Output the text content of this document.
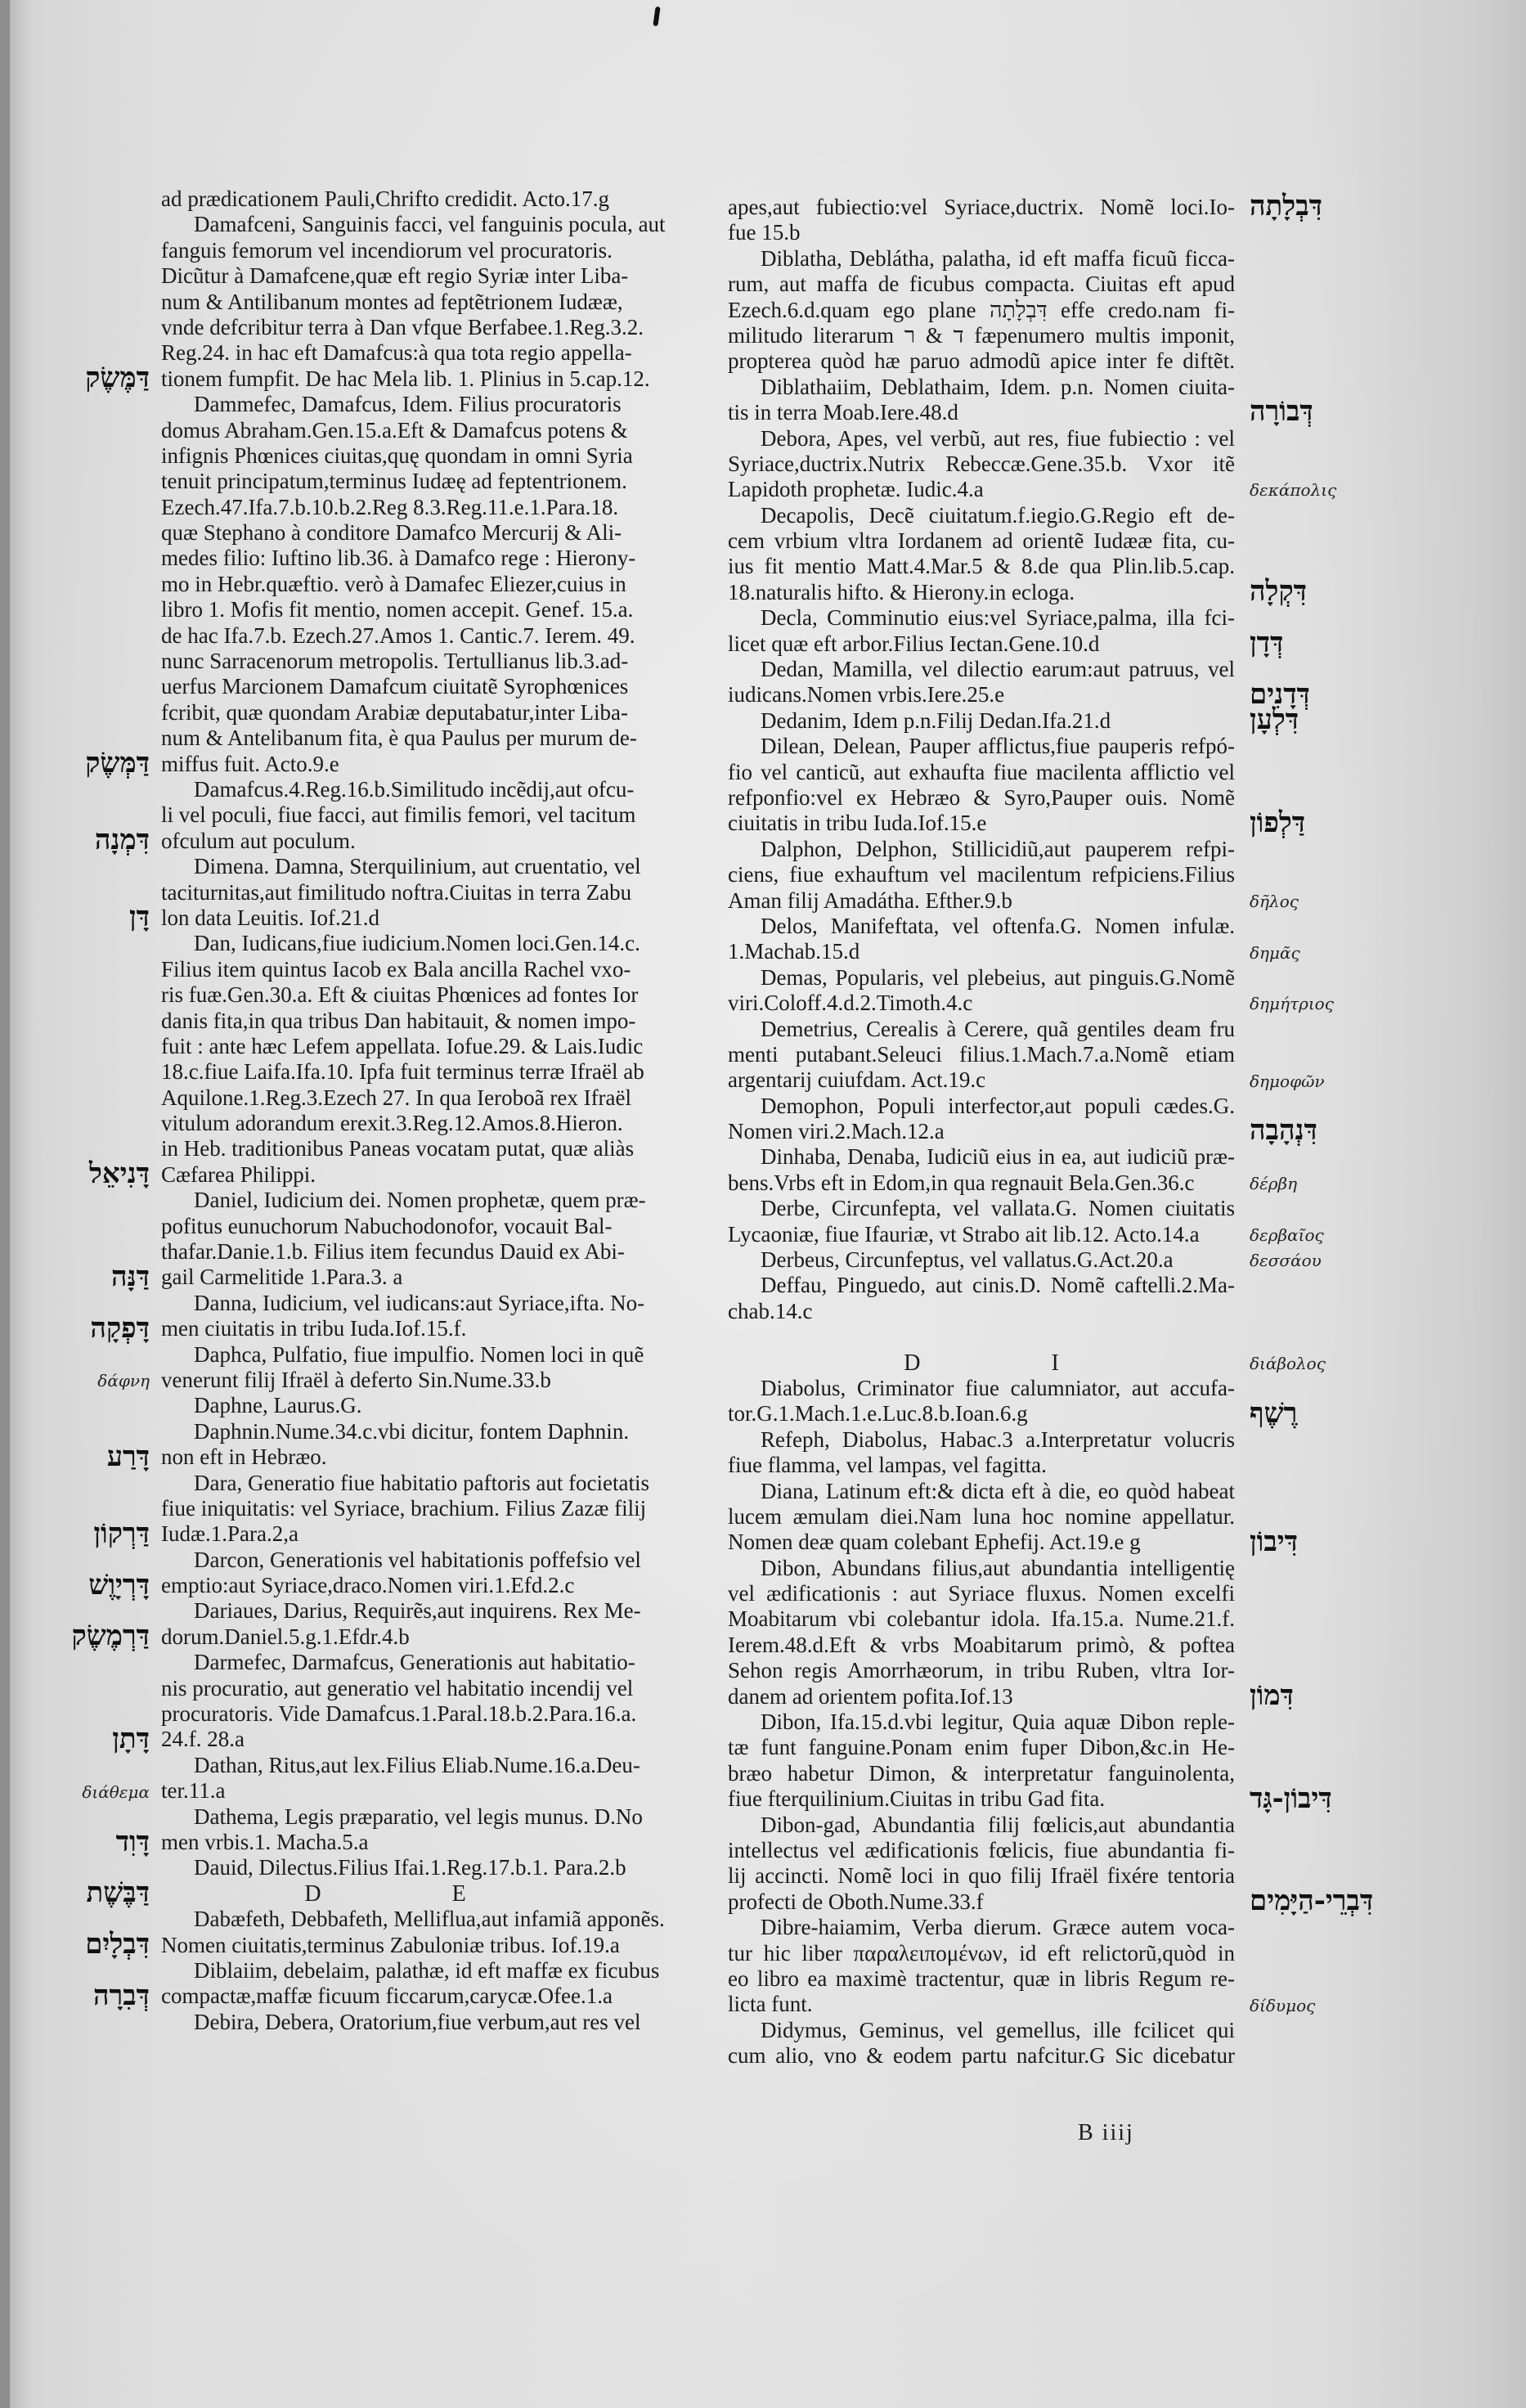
ad prædicationem Pauli,Chrifto credidit. Acto.17.g
Damafceni, Sanguinis facci, vel fanguinis pocula, aut
fanguis femorum vel incendiorum vel procuratoris.
Dicũtur à Damafcene,quæ eft regio Syriæ inter Liba-
num & Antilibanum montes ad feptẽtrionem Iudææ,
vnde defcribitur terra à Dan vfque Berfabee.1.Reg.3.2.
Reg.24. in hac eft Damafcus:à qua tota regio appella-
tionem fumpfit. De hac Mela lib. 1. Plinius in 5.cap.12.
Dammefec, Damafcus, Idem. Filius procuratoris
domus Abraham.Gen.15.a.Eft & Damafcus potens &
infignis Phœnices ciuitas,quę quondam in omni Syria
tenuit principatum,terminus Iudæę ad feptentrionem.
Ezech.47.Ifa.7.b.10.b.2.Reg 8.3.Reg.11.e.1.Para.18.
quæ Stephano à conditore Damafco Mercurij & Ali-
medes filio: Iuftino lib.36. à Damafco rege : Hierony-
mo in Hebr.quæftio. verò à Damafec Eliezer,cuius in
libro 1. Mofis fit mentio, nomen accepit. Genef. 15.a.
de hac Ifa.7.b. Ezech.27.Amos 1. Cantic.7. Ierem. 49.
nunc Sarracenorum metropolis. Tertullianus lib.3.ad-
uerfus Marcionem Damafcum ciuitatẽ Syrophœnices
fcribit, quæ quondam Arabiæ deputabatur,inter Liba-
num & Antelibanum fita, è qua Paulus per murum de-
miffus fuit. Acto.9.e
Damafcus.4.Reg.16.b.Similitudo incẽdij,aut ofcu-
li vel poculi, fiue facci, aut fimilis femori, vel tacitum
ofculum aut poculum.
Dimena. Damna, Sterquilinium, aut cruentatio, vel
taciturnitas,aut fimilitudo noftra.Ciuitas in terra Zabu
lon data Leuitis. Iof.21.d
Dan, Iudicans,fiue iudicium.Nomen loci.Gen.14.c.
Filius item quintus Iacob ex Bala ancilla Rachel vxo-
ris fuæ.Gen.30.a. Eft & ciuitas Phœnices ad fontes Ior
danis fita,in qua tribus Dan habitauit, & nomen impo-
fuit : ante hæc Lefem appellata. Iofue.29. & Lais.Iudic
18.c.fiue Laifa.Ifa.10. Ipfa fuit terminus terræ Ifraël ab
Aquilone.1.Reg.3.Ezech 27. In qua Ieroboã rex Ifraël
vitulum adorandum erexit.3.Reg.12.Amos.8.Hieron.
in Heb. traditionibus Paneas vocatam putat, quæ aliàs
Cæfarea Philippi.
Daniel, Iudicium dei. Nomen prophetæ, quem præ-
pofitus eunuchorum Nabuchodonofor, vocauit Bal-
thafar.Danie.1.b. Filius item fecundus Dauid ex Abi-
gail Carmelitide 1.Para.3. a
Danna, Iudicium, vel iudicans:aut Syriace,ifta. No-
men ciuitatis in tribu Iuda.Iof.15.f.
Daphca, Pulfatio, fiue impulfio. Nomen loci in quẽ
venerunt filij Ifraël à deferto Sin.Nume.33.b
Daphne, Laurus.G.
Daphnin.Nume.34.c.vbi dicitur, fontem Daphnin.
non eft in Hebræo.
Dara, Generatio fiue habitatio paftoris aut focietatis
fiue iniquitatis: vel Syriace, brachium. Filius Zazæ filij
Iudæ.1.Para.2,a
Darcon, Generationis vel habitationis poffefsio vel
emptio:aut Syriace,draco.Nomen viri.1.Efd.2.c
Dariaues, Darius, Requirẽs,aut inquirens. Rex Me-
dorum.Daniel.5.g.1.Efdr.4.b
Darmefec, Darmafcus, Generationis aut habitatio-
nis procuratio, aut generatio vel habitatio incendij vel
procuratoris. Vide Damafcus.1.Paral.18.b.2.Para.16.a.
24.f. 28.a
Dathan, Ritus,aut lex.Filius Eliab.Nume.16.a.Deu-
ter.11.a
Dathema, Legis præparatio, vel legis munus. D.No
men vrbis.1. Macha.5.a
Dauid, Dilectus.Filius Ifai.1.Reg.17.b.1. Para.2.b
D	E
Dabæfeth, Debbafeth, Melliflua,aut infamiã apponẽs.
Nomen ciuitatis,terminus Zabuloniæ tribus. Iof.19.a
Diblaiim, debelaim, palathæ, id eft maffæ ex ficubus
compactæ,maffæ ficuum ficcarum,carycæ.Ofee.1.a
Debira, Debera, Oratorium,fiue verbum,aut res vel
apes,aut fubiectio:vel Syriace,ductrix. Nomẽ loci.Io-
fue 15.b
Diblatha, Deblátha, palatha, id eft maffa ficuũ ficca-
rum, aut maffa de ficubus compacta. Ciuitas eft apud
Ezech.6.d.quam ego plane דִּבְלָתָה effe credo.nam fi-
militudo literarum ד & ר fæpenumero multis imponit,
propterea quòd hæ paruo admodũ apice inter fe diftẽt.
Diblathaiim, Deblathaim, Idem. p.n. Nomen ciuita-
tis in terra Moab.Iere.48.d
Debora, Apes, vel verbũ, aut res, fiue fubiectio : vel
Syriace,ductrix.Nutrix Rebeccæ.Gene.35.b. Vxor itẽ
Lapidoth prophetæ. Iudic.4.a
Decapolis, Decẽ ciuitatum.f.iegio.G.Regio eft de-
cem vrbium vltra Iordanem ad orientẽ Iudææ fita, cu-
ius fit mentio Matt.4.Mar.5 & 8.de qua Plin.lib.5.cap.
18.naturalis hifto. & Hierony.in ecloga.
Decla, Comminutio eius:vel Syriace,palma, illa fci-
licet quæ eft arbor.Filius Iectan.Gene.10.d
Dedan, Mamilla, vel dilectio earum:aut patruus, vel
iudicans.Nomen vrbis.Iere.25.e
Dedanim, Idem p.n.Filij Dedan.Ifa.21.d
Dilean, Delean, Pauper afflictus,fiue pauperis refpó-
fio vel canticũ, aut exhaufta fiue macilenta afflictio vel
refponfio:vel ex Hebræo & Syro,Pauper ouis. Nomẽ
ciuitatis in tribu Iuda.Iof.15.e
Dalphon, Delphon, Stillicidiũ,aut pauperem refpi-
ciens, fiue exhauftum vel macilentum refpiciens.Filius
Aman filij Amadátha. Efther.9.b
Delos, Manifeftata, vel oftenfa.G. Nomen infulæ.
1.Machab.15.d
Demas, Popularis, vel plebeius, aut pinguis.G.Nomẽ
viri.Coloff.4.d.2.Timoth.4.c
Demetrius, Cerealis à Cerere, quã gentiles deam fru
menti putabant.Seleuci filius.1.Mach.7.a.Nomẽ etiam
argentarij cuiufdam. Act.19.c
Demophon, Populi interfector,aut populi cædes.G.
Nomen viri.2.Mach.12.a
Dinhaba, Denaba, Iudiciũ eius in ea, aut iudiciũ præ-
bens.Vrbs eft in Edom,in qua regnauit Bela.Gen.36.c
Derbe, Circunfepta, vel vallata.G. Nomen ciuitatis
Lycaoniæ, fiue Ifauriæ, vt Strabo ait lib.12. Acto.14.a
Derbeus, Circunfeptus, vel vallatus.G.Act.20.a
Deffau, Pinguedo, aut cinis.D. Nomẽ caftelli.2.Ma-
chab.14.c
D	I
Diabolus, Criminator fiue calumniator, aut accufa-
tor.G.1.Mach.1.e.Luc.8.b.Ioan.6.g
Refeph, Diabolus, Habac.3 a.Interpretatur volucris
fiue flamma, vel lampas, vel fagitta.
Diana, Latinum eft:& dicta eft à die, eo quòd habeat
lucem æmulam diei.Nam luna hoc nomine appellatur.
Nomen deæ quam colebant Ephefij. Act.19.e g
Dibon, Abundans filius,aut abundantia intelligentię
vel ædificationis : aut Syriace fluxus. Nomen excelfi
Moabitarum vbi colebantur idola. Ifa.15.a. Nume.21.f.
Ierem.48.d.Eft & vrbs Moabitarum primò, & poftea
Sehon regis Amorrhæorum, in tribu Ruben, vltra Ior-
danem ad orientem pofita.Iof.13
Dibon, Ifa.15.d.vbi legitur, Quia aquæ Dibon reple-
tæ funt fanguine.Ponam enim fuper Dibon,&c.in He-
bræo habetur Dimon, & interpretatur fanguinolenta,
fiue fterquilinium.Ciuitas in tribu Gad fita.
Dibon-gad, Abundantia filij fœlicis,aut abundantia
intellectus vel ædificationis fœlicis, fiue abundantia fi-
lij accincti. Nomẽ loci in quo filij Ifraël fixére tentoria
profecti de Oboth.Nume.33.f
Dibre-haiamim, Verba dierum. Græce autem voca-
tur hic liber παραλειπομένων, id eft relictorũ,quòd in
eo libro ea maximè tractentur, quæ in libris Regum re-
licta funt.
Didymus, Geminus, vel gemellus, ille fcilicet qui
cum alio, vno & eodem partu nafcitur.G Sic dicebatur
B iiij
דַּמֶּשֶׂק
דַּמְּשֶׂק
דִּמְנָה
דָּן
דָּנִיאֵל
דַּנָּה
דָּפְקָה
δάφνη
דָּרַע
דַּרְקוֹן
דָּרְיָוֶשׁ
דַּרְמֶשֶׂק
דָּתָן
διάθεμα
דָּוִד
דַּבֶּשֶׁת
דִּבְלָיִם
דְּבִרָה
דִּבְלָתָה
דְּבוֹרָה
δεκάπολις
דִּקְלָה
דְּדָן
דְּדָנִים
דִּלְעָן
דַּלְפוֹן
δῆλος
δημᾶς
δημήτριος
δημοφῶν
דִּנְהָבָה
δέρβη
δερβαῖος
δεσσάου
διάβολος
רֶשֶׁף
דִּיבוֹן
דִּמוֹן
דִּיבוֹן-גָּד
דִּבְרֵי-הַיָּמִים
δίδυμος
